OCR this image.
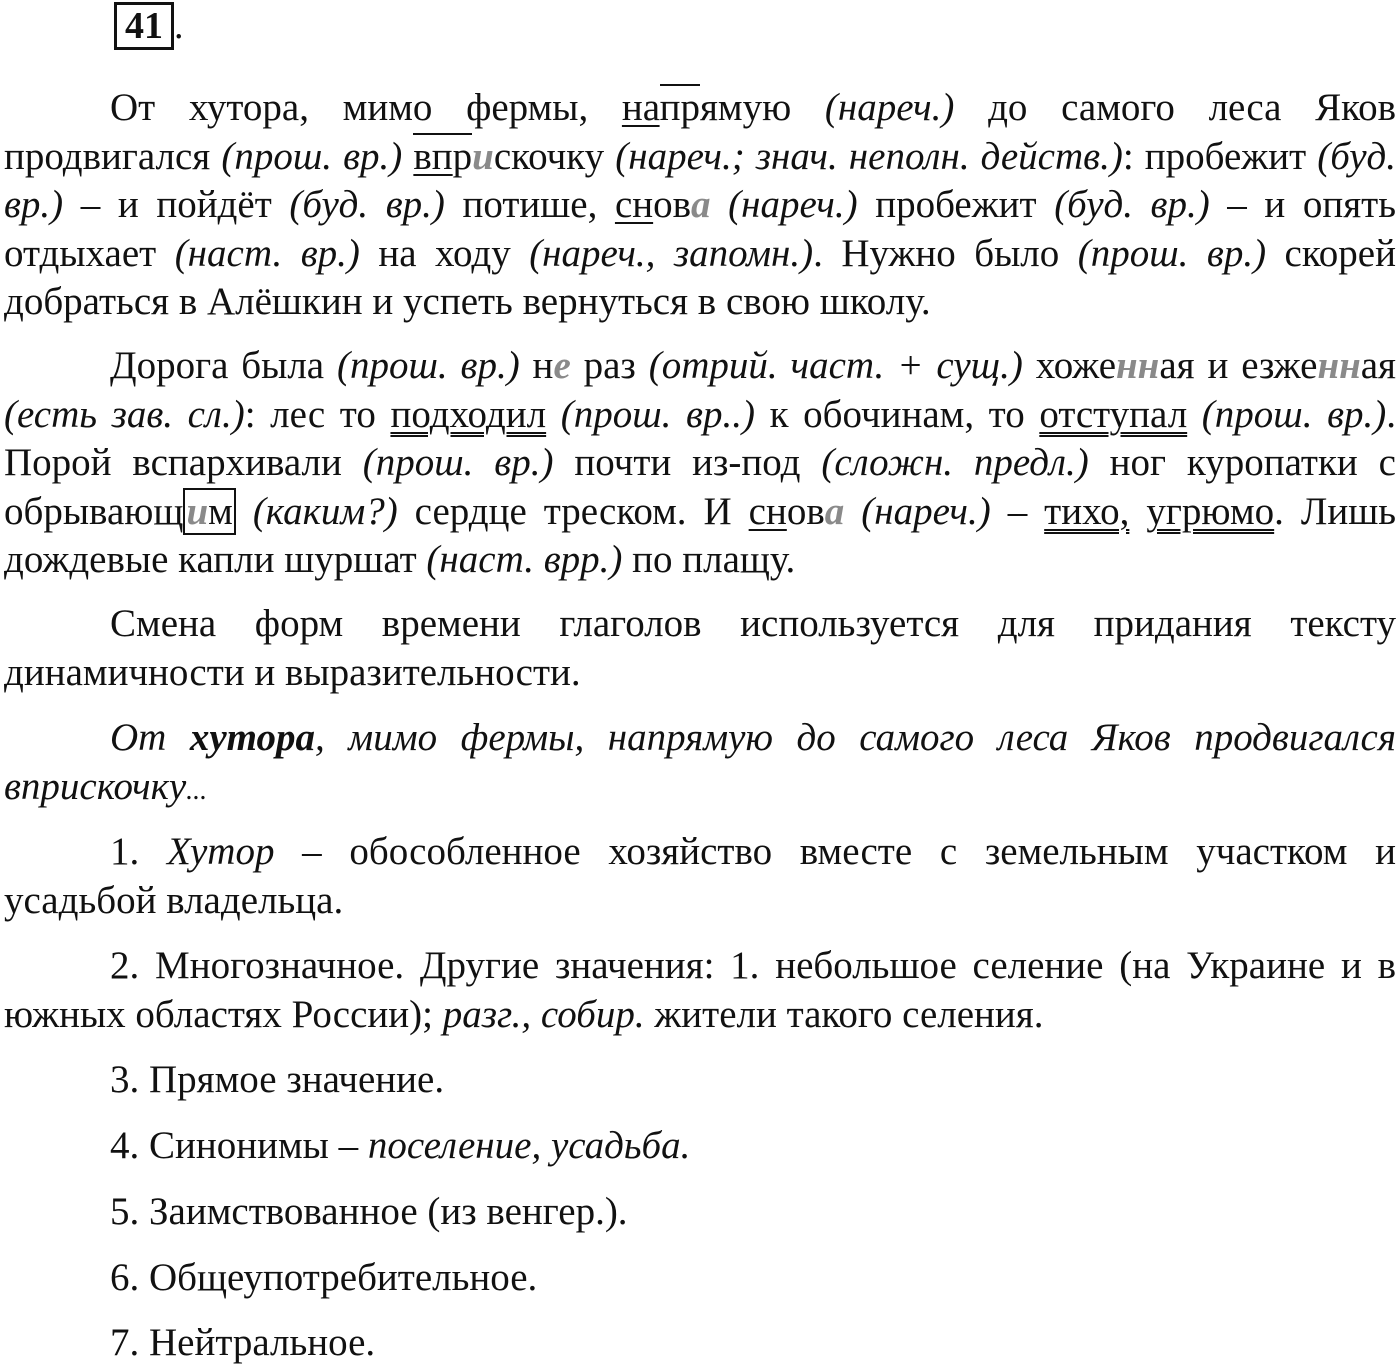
41 .

От хутора, мимо фермы, напрямую (нареч.) до самого леса Яков продвигался (прош. вр.) вприскочку (нареч.; знач. неполн. действ.): пробежит (буд. вр.) – и пойдёт (буд. вр.) потише, снова (нареч.) пробежит (буд. вр.) – и опять отдыхает (наст. вр.) на ходу (нареч., запомн.). Нужно было (прош. вр.) скорей добраться в Алёшкин и успеть вернуться в свою школу.

Дорога была (прош. вр.) не раз (отрий. част. + сущ.) хоженная и езженная (есть зав. сл.): лес то подходил (прош. вр..) к обочинам, то отступал (прош. вр.). Порой вспархивали (прош. вр.) почти из-под (сложн. предл.) ног куропатки с обрывающим (каким?) сердце треском. И снова (нареч.) – тихо, угрюмо. Лишь дождевые капли шуршат (наст. врр.) по плащу.

Смена форм времени глаголов используется для придания тексту динамичности и выразительности.

От хутора, мимо фермы, напрямую до самого леса Яков продвигался вприскочку...

1. Хутор – обособленное хозяйство вместе с земельным участком и усадьбой владельца.

2. Многозначное. Другие значения: 1. небольшое селение (на Украине и в южных областях России); разг., собир. жители такого селения.

3. Прямое значение.
4. Синонимы – поселение, усадьба.
5. Заимствованное (из венгер.).
6. Общеупотребительное.
7. Нейтральное.
